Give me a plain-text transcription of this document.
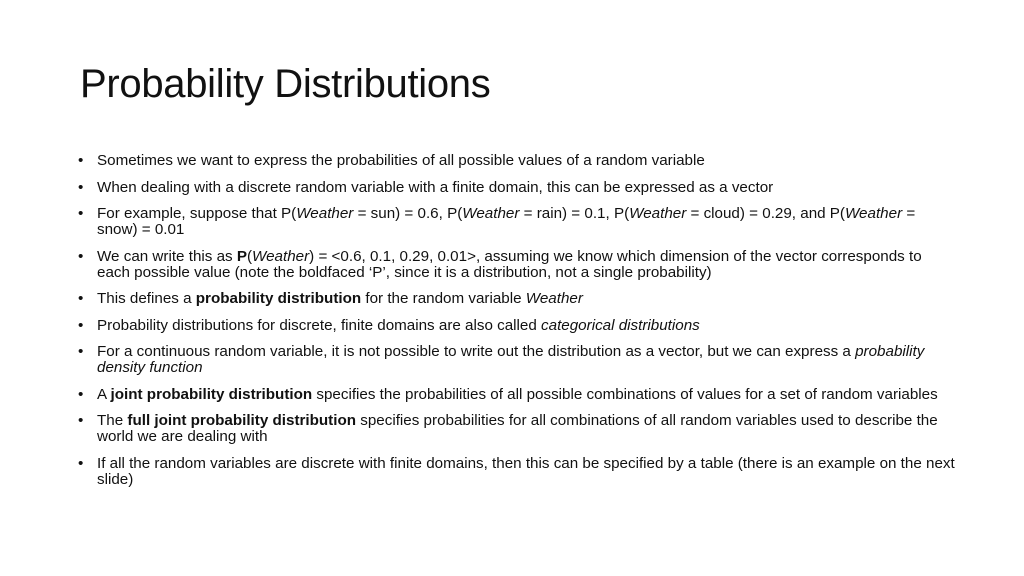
Probability Distributions
• Sometimes we want to express the probabilities of all possible values of a random variable
• When dealing with a discrete random variable with a finite domain, this can be expressed as a vector
• For example, suppose that P(Weather = sun) = 0.6, P(Weather = rain) = 0.1, P(Weather = cloud) = 0.29, and P(Weather = snow) = 0.01
• We can write this as P(Weather) = <0.6, 0.1, 0.29, 0.01>, assuming we know which dimension of the vector corresponds to each possible value (note the boldfaced ‘P’, since it is a distribution, not a single probability)
• This defines a probability distribution for the random variable Weather
• Probability distributions for discrete, finite domains are also called categorical distributions
• For a continuous random variable, it is not possible to write out the distribution as a vector, but we can express a probability density function
• A joint probability distribution specifies the probabilities of all possible combinations of values for a set of random variables
• The full joint probability distribution specifies probabilities for all combinations of all random variables used to describe the world we are dealing with
• If all the random variables are discrete with finite domains, then this can be specified by a table (there is an example on the next slide)
